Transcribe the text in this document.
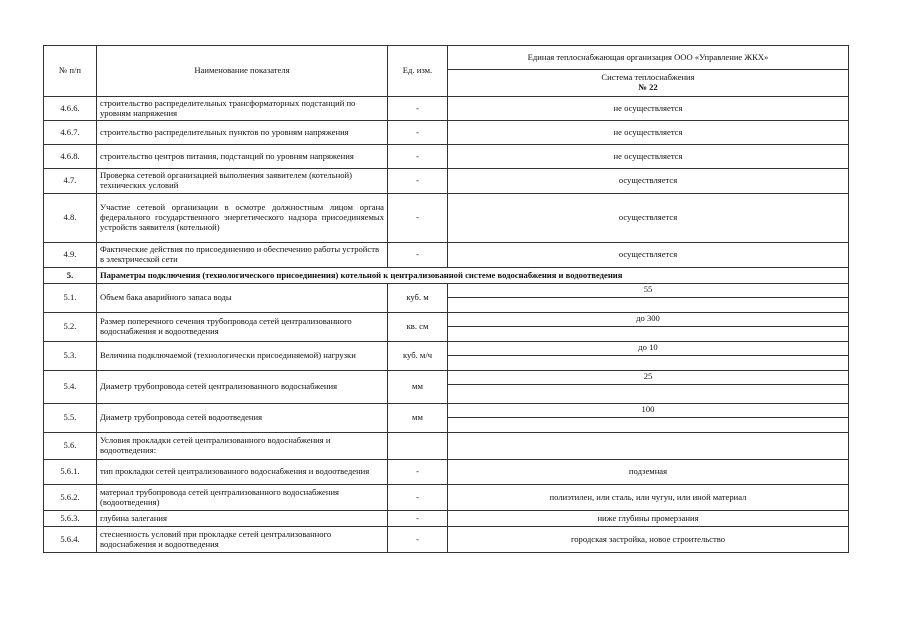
№ п/п	Наименование показателя	Ед. изм.	Единая теплоснабжающая организация ООО «Управление ЖКХ»

			Система теплоснабжения
№ 22

4.6.6.	строительство распределительных трансформаторных подстанций по уровням напряжения	-	не осуществляется
4.6.7.	строительство распределительных пунктов по уровням напряжения	-	не осуществляется
4.6.8.	строительство центров питания, подстанций по уровням напряжения	-	не осуществляется
4.7.	Проверка сетевой организацией выполнения заявителем (котельной) технических условий	-	осуществляется
4.8.	Участие сетевой организации в осмотре должностным лицом органа федерального государственного энергетического надзора присоединяемых устройств заявителя (котельной)	-	осуществляется
4.9.	Фактические действия по присоединению и обеспечению работы устройств в электрической сети	-	осуществляется
5.	Параметры подключения (технологического присоединения) котельной к централизованной системе водоснабжения и водоотведения		
5.1.	Объем бака аварийного запаса воды	куб. м	55

5.2.	Размер поперечного сечения трубопровода сетей централизованного водоснабжения и водоотведения	кв. см	до 300

5.3.	Величина подключаемой (технологически присоединяемой) нагрузки	куб. м/ч	до 10

5.4.	Диаметр трубопровода сетей централизованного водоснабжения	мм	25

5.5.	Диаметр трубопровода сетей водоотведения	мм	100

5.6.	Условия прокладки сетей централизованного водоснабжения и водоотведения:		
5.6.1.	тип прокладки сетей централизованного водоснабжения и водоотведения	-	подземная
5.6.2.	материал трубопровода сетей централизованного водоснабжения (водоотведения)	-	полиэтилен, или сталь, или чугун, или иной материал
5.6.3.	глубина залегания	-	ниже глубины промерзания
5.6.4.	стесненность условий при прокладке сетей централизованного водоснабжения и водоотведения	-	городская застройка, новое строительство
